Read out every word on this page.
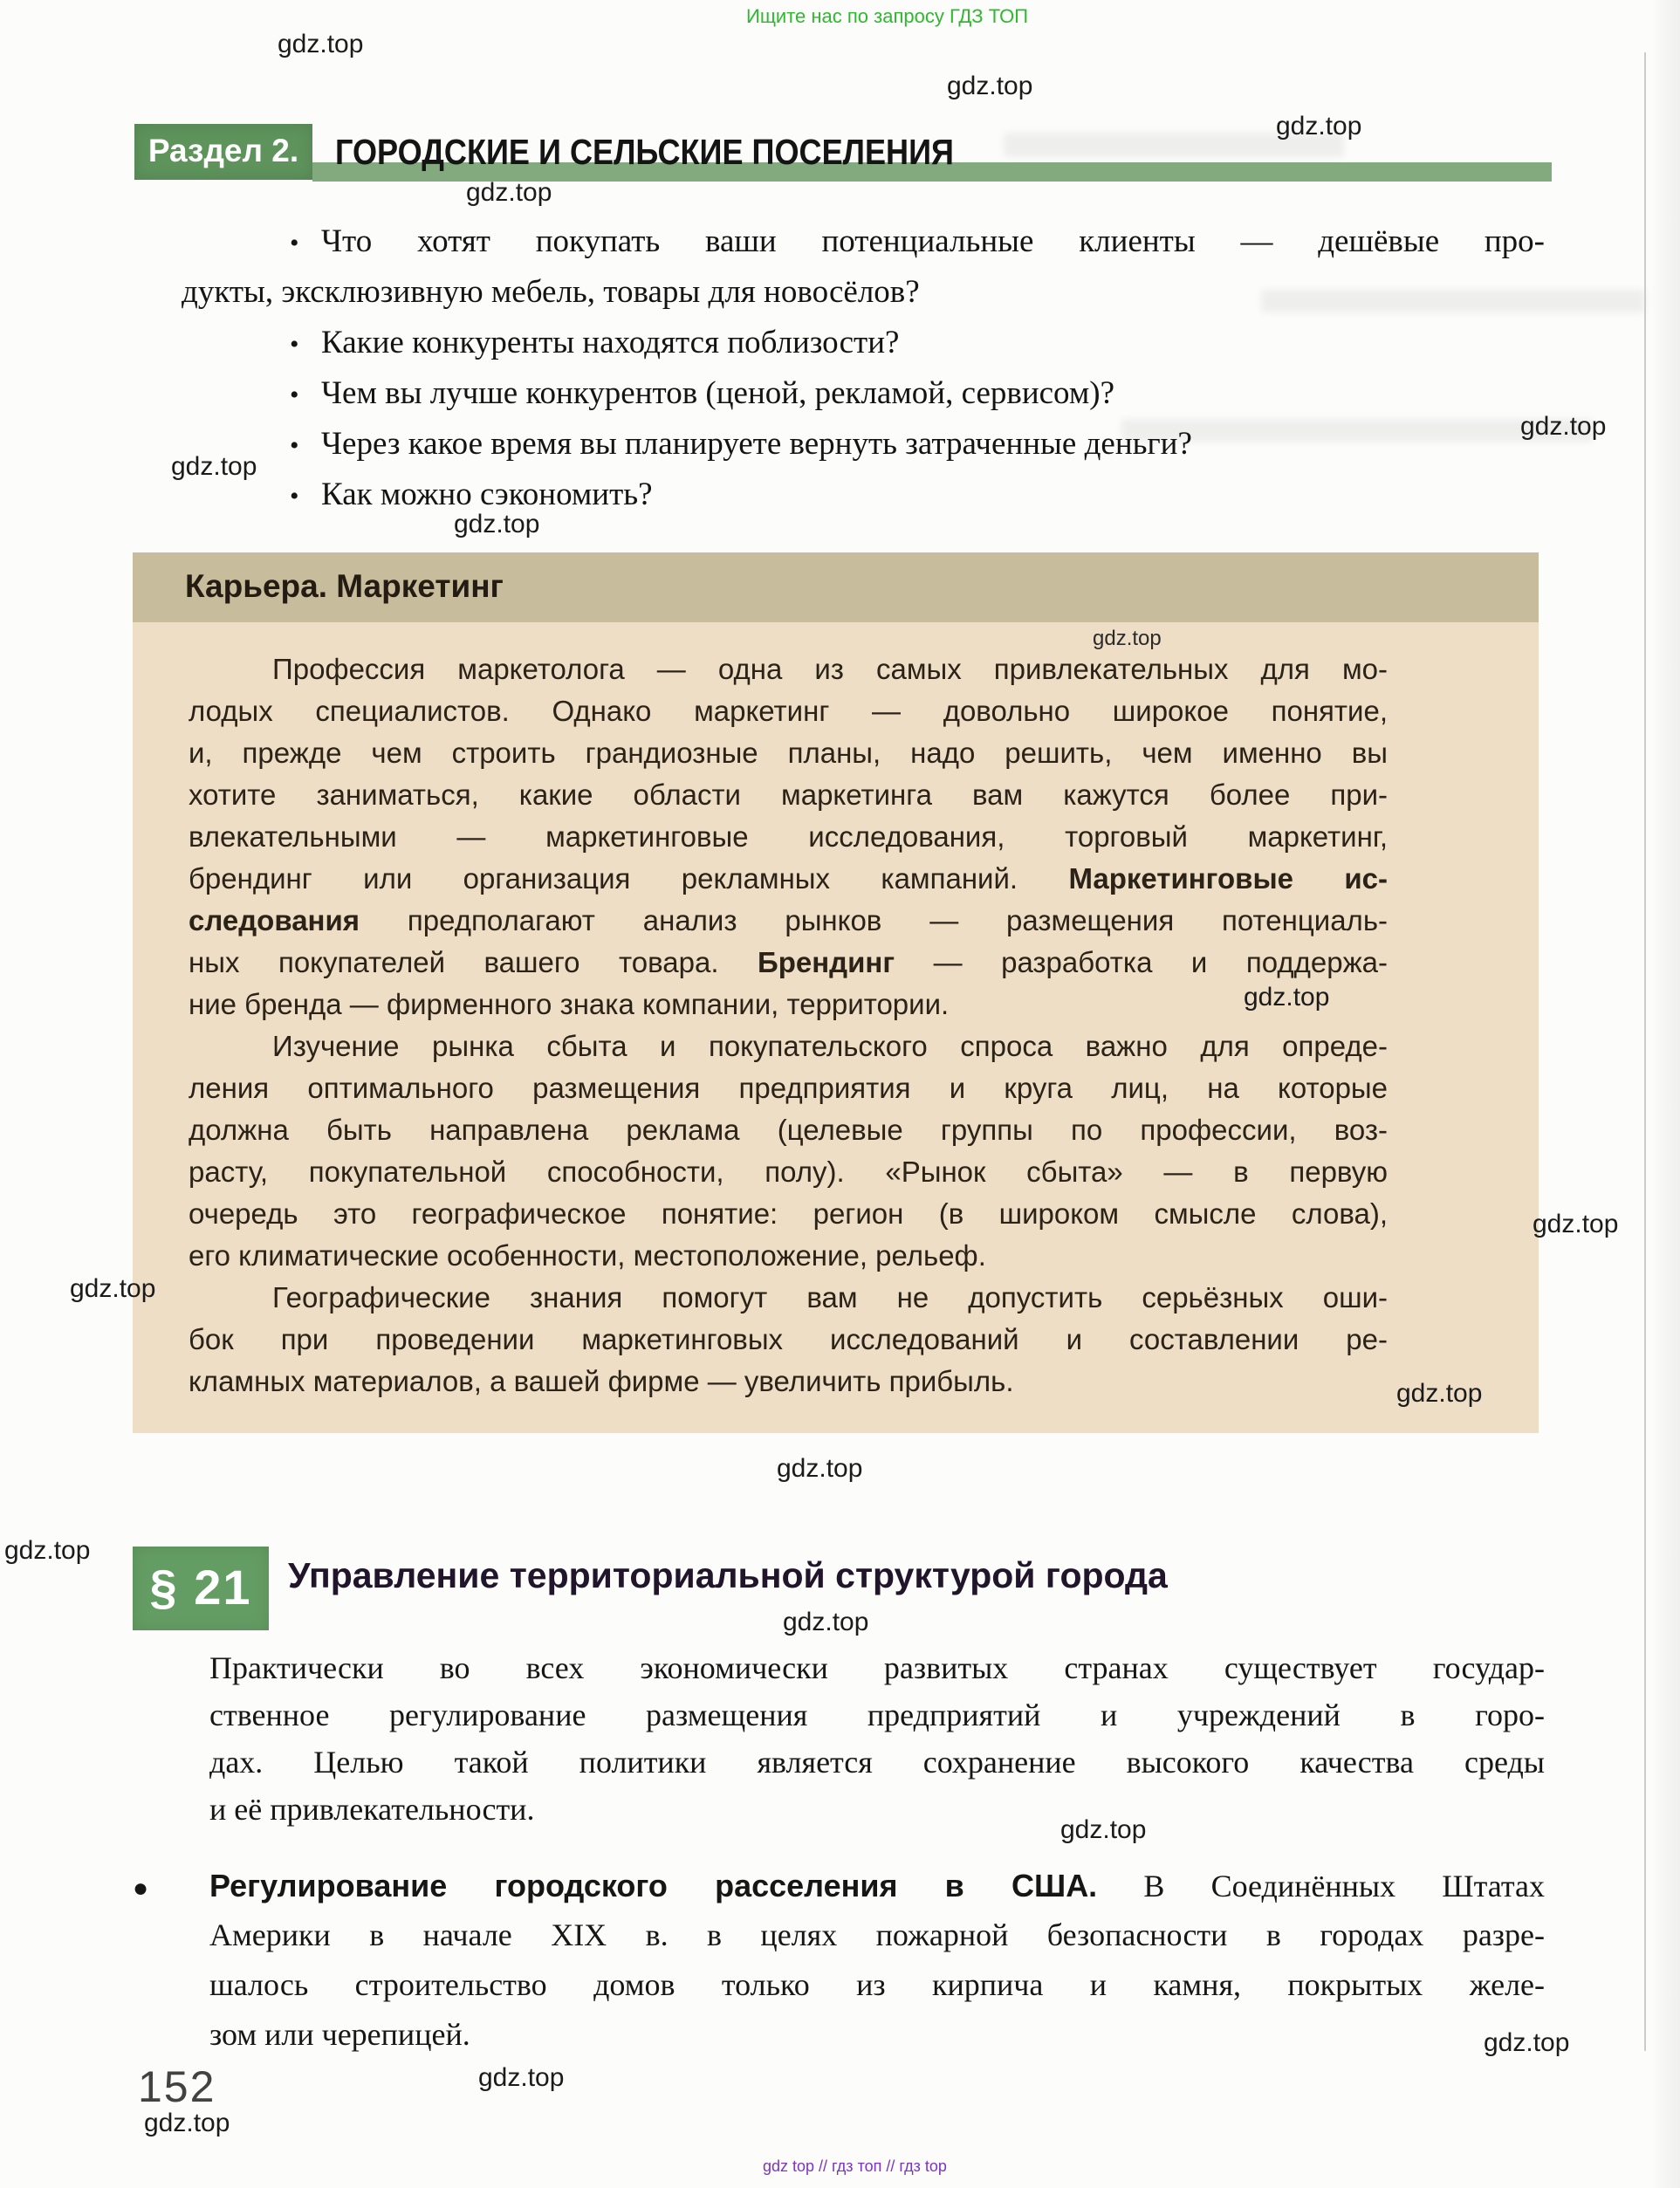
Ищите нас по запросу ГДЗ ТОП
Раздел 2.	ГОРОДСКИЕ И СЕЛЬСКИЕ ПОСЕЛЕНИЯ
• Что хотят покупать ваши потенциальные клиенты — дешёвые про-
дукты, эксклюзивную мебель, товары для новосёлов?
• Какие конкуренты находятся поблизости?
• Чем вы лучше конкурентов (ценой, рекламой, сервисом)?
• Через какое время вы планируете вернуть затраченные деньги?
• Как можно сэкономить?
Карьера. Маркетинг
Профессия маркетолога — одна из самых привлекательных для мо-
лодых специалистов. Однако маркетинг — довольно широкое понятие,
и, прежде чем строить грандиозные планы, надо решить, чем именно вы
хотите заниматься, какие области маркетинга вам кажутся более при-
влекательными — маркетинговые исследования, торговый маркетинг,
брендинг или организация рекламных кампаний. Маркетинговые ис-
следования предполагают анализ рынков — размещения потенциаль-
ных покупателей вашего товара. Брендинг — разработка и поддержа-
ние бренда — фирменного знака компании, территории.
Изучение рынка сбыта и покупательского спроса важно для опреде-
ления оптимального размещения предприятия и круга лиц, на которые
должна быть направлена реклама (целевые группы по профессии, воз-
расту, покупательной способности, полу). «Рынок сбыта» — в первую
очередь это географическое понятие: регион (в широком смысле слова),
его климатические особенности, местоположение, рельеф.
Географические знания помогут вам не допустить серьёзных оши-
бок при проведении маркетинговых исследований и составлении ре-
кламных материалов, а вашей фирме — увеличить прибыль.
§ 21	Управление территориальной структурой города
Практически во всех экономически развитых странах существует государ-
ственное регулирование размещения предприятий и учреждений в горо-
дах. Целью такой политики является сохранение высокого качества среды
и её привлекательности.
● Регулирование городского расселения в США. В Соединённых Штатах
Америки в начале XIX в. в целях пожарной безопасности в городах разре-
шалось строительство домов только из кирпича и камня, покрытых желе-
зом или черепицей.
152
gdz top // гдз топ // гдз top
gdz.top
gdz.top
gdz.top
gdz.top
gdz.top
gdz.top
gdz.top
gdz.top
gdz.top
gdz.top
gdz.top
gdz.top
gdz.top
gdz.top
gdz.top
gdz.top
gdz.top
gdz.top
gdz.top
